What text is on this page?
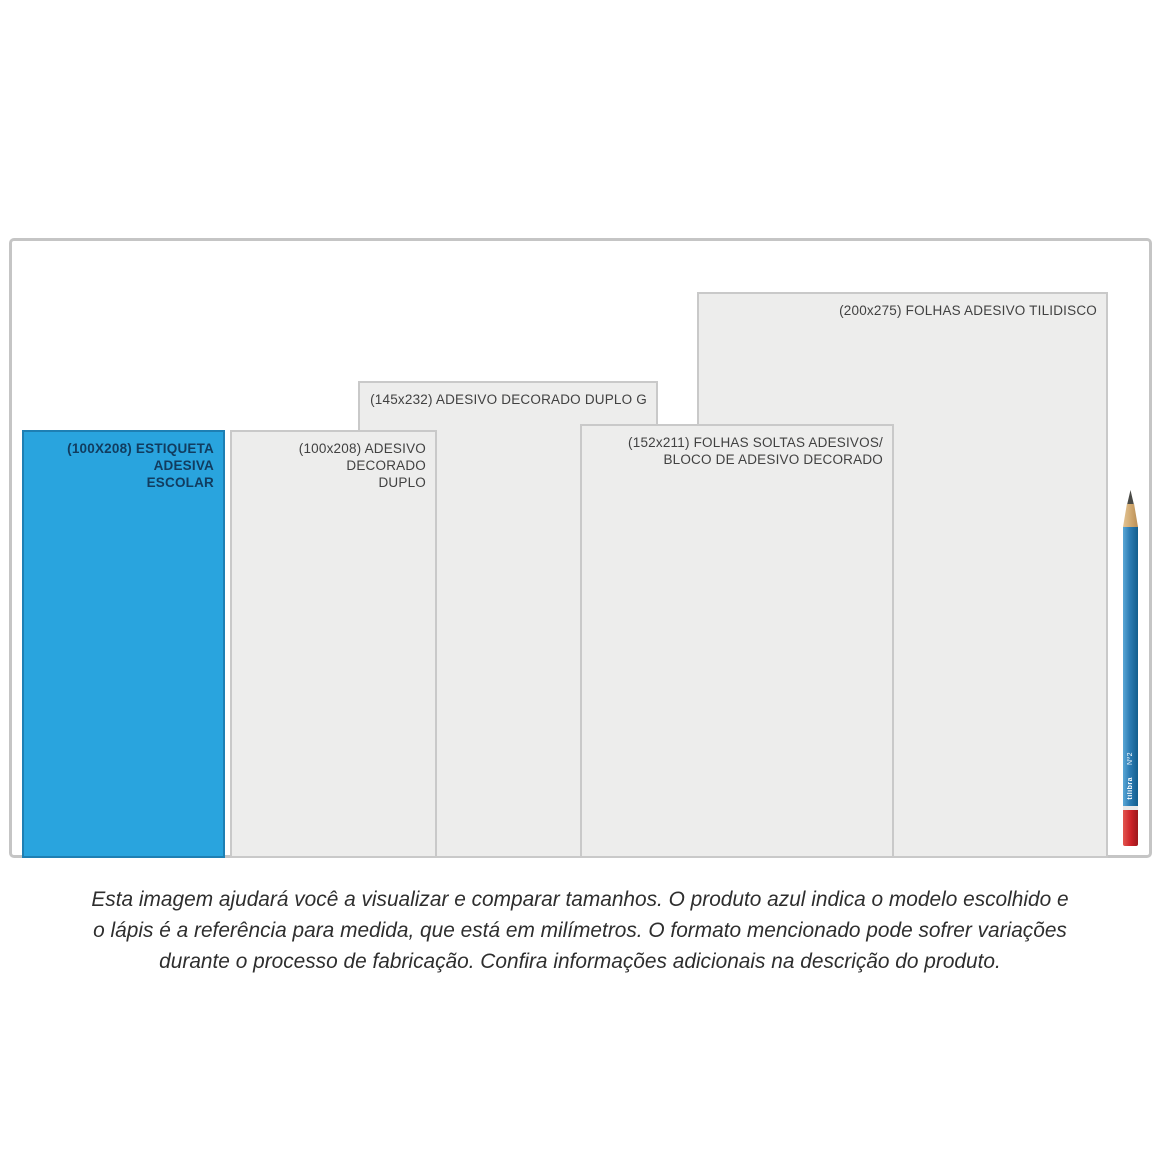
(200x275) FOLHAS ADESIVO TILIDISCO
(145x232) ADESIVO DECORADO DUPLO G
(152x211) FOLHAS SOLTAS ADESIVOS/
BLOCO DE ADESIVO DECORADO
(100x208) ADESIVO DECORADO
DUPLO
(100X208) ESTIQUETA ADESIVA
ESCOLAR
Nº2
tilibra
Esta imagem ajudará você a visualizar e comparar tamanhos. O produto azul indica o modelo escolhido e
o lápis é a referência para medida, que está em milímetros. O formato mencionado pode sofrer variações
durante o processo de fabricação. Confira informações adicionais na descrição do produto.
